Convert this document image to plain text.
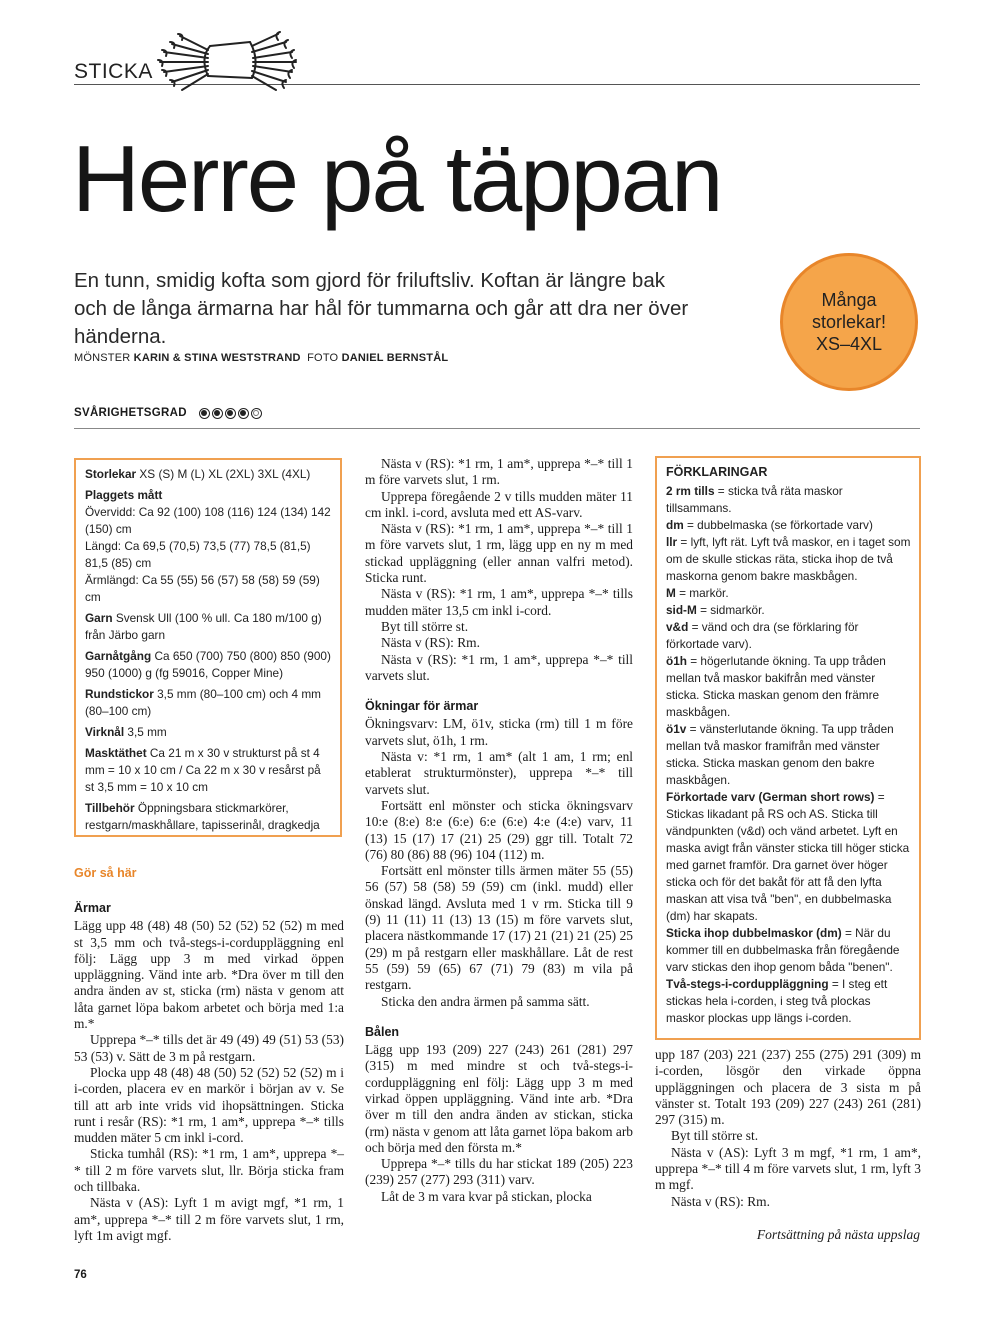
STICKA
Herre på täppan
En tunn, smidig kofta som gjord för friluftsliv. Koftan är längre bak och de långa ärmarna har hål för tummarna och går att dra ner över händerna.
MÖNSTER KARIN & STINA WESTSTRAND FOTO DANIEL BERNSTÅL
Många
storlekar!
XS–4XL
SVÅRIGHETSGRAD
Storlekar XS (S) M (L) XL (2XL) 3XL (4XL)
Plaggets mått
Övervidd: Ca 92 (100) 108 (116) 124 (134) 142 (150) cm
Längd: Ca 69,5 (70,5) 73,5 (77) 78,5 (81,5) 81,5 (85) cm
Ärmlängd: Ca 55 (55) 56 (57) 58 (58) 59 (59) cm
Garn Svensk Ull (100 % ull. Ca 180 m/100 g) från Järbo garn
Garnåtgång Ca 650 (700) 750 (800) 850 (900) 950 (1000) g (fg 59016, Copper Mine)
Rundstickor 3,5 mm (80–100 cm) och 4 mm (80–100 cm)
Virknål 3,5 mm
Masktäthet Ca 21 m x 30 v strukturst på st 4 mm = 10 x 10 cm / Ca 22 m x 30 v resårst på st 3,5 mm = 10 x 10 cm
Tillbehör Öppningsbara stickmarkörer, restgarn/maskhållare, tapisserinål, dragkedja
Gör så här
Ärmar

Lägg upp 48 (48) 48 (50) 52 (52) 52 (52) m med st 3,5 mm och två-stegs-i-corduppläggning enl följ: Lägg upp 3 m med virkad öppen uppläggning. Vänd inte arb. *Dra över m till den andra änden av st, sticka (rm) nästa v genom att låta garnet löpa bakom arbetet och börja med 1:a m.*

Upprepa *–* tills det är 49 (49) 49 (51) 53 (53) 53 (53) v. Sätt de 3 m på restgarn.

Plocka upp 48 (48) 48 (50) 52 (52) 52 (52) m i i-corden, placera ev en markör i början av v. Se till att arb inte vrids vid ihopsättningen. Sticka runt i resår (RS): *1 rm, 1 am*, upprepa *–* tills mudden mäter 5 cm inkl i-cord.

Sticka tumhål (RS): *1 rm, 1 am*, upprepa *–* till 2 m före varvets slut, llr. Börja sticka fram och tillbaka.

Nästa v (AS): Lyft 1 m avigt mgf, *1 rm, 1 am*, upprepa *–* till 2 m före varvets slut, 1 rm, lyft 1m avigt mgf.

Nästa v (RS): *1 rm, 1 am*, upprepa *–* till 1 m före varvets slut, 1 rm.

Upprepa föregående 2 v tills mudden mäter 11 cm inkl. i-cord, avsluta med ett AS-varv.

Nästa v (RS): *1 rm, 1 am*, upprepa *–* till 1 m före varvets slut, 1 rm, lägg upp en ny m med stickad uppläggning (eller annan valfri metod). Sticka runt.

Nästa v (RS): *1 rm, 1 am*, upprepa *–* tills mudden mäter 13,5 cm inkl i-cord.

Byt till större st.

Nästa v (RS): Rm.

Nästa v (RS): *1 rm, 1 am*, upprepa *–* till varvets slut.

Ökningar för ärmar

Ökningsvarv: LM, ö1v, sticka (rm) till 1 m före varvets slut, ö1h, 1 rm.

Nästa v: *1 rm, 1 am* (alt 1 am, 1 rm; enl etablerat strukturmönster), upprepa *–* till varvets slut.

Fortsätt enl mönster och sticka ökningsvarv 10:e (8:e) 8:e (6:e) 6:e (6:e) 4:e (4:e) varv, 11 (13) 15 (17) 17 (21) 25 (29) ggr till. Totalt 72 (76) 80 (86) 88 (96) 104 (112) m.

Fortsätt enl mönster tills ärmen mäter 55 (55) 56 (57) 58 (58) 59 (59) cm (inkl. mudd) eller önskad längd. Avsluta med 1 v rm. Sticka till 9 (9) 11 (11) 11 (13) 13 (15) m före varvets slut, placera nästkommande 17 (17) 21 (21) 21 (25) 25 (29) m på restgarn eller maskhållare. Låt de rest 55 (59) 59 (65) 67 (71) 79 (83) m vila på restgarn.

Sticka den andra ärmen på samma sätt.

Bålen

Lägg upp 193 (209) 227 (243) 261 (281) 297 (315) m med mindre st och två-stegs-i-corduppläggning enl följ: Lägg upp 3 m med virkad öppen uppläggning. Vänd inte arb. *Dra över m till den andra änden av stickan, sticka (rm) nästa v genom att låta garnet löpa bakom arb och börja med den första m.*

Upprepa *–* tills du har stickat 189 (205) 223 (239) 257 (277) 293 (311) varv.

Låt de 3 m vara kvar på stickan, plocka

FÖRKLARINGAR
2 rm tills = sticka två räta maskor tillsammans.
dm = dubbelmaska (se förkortade varv)
llr = lyft, lyft rät. Lyft två maskor, en i taget som om de skulle stickas räta, sticka ihop de två maskorna genom bakre maskbågen.
M = markör.
sid-M = sidmarkör.
v&d = vänd och dra (se förklaring för förkortade varv).
ö1h = högerlutande ökning. Ta upp tråden mellan två maskor bakifrån med vänster sticka. Sticka maskan genom den främre maskbågen.
ö1v = vänsterlutande ökning. Ta upp tråden mellan två maskor framifrån med vänster sticka. Sticka maskan genom den bakre maskbågen.
Förkortade varv (German short rows) = Stickas likadant på RS och AS. Sticka till vändpunkten (v&d) och vänd arbetet. Lyft en maska avigt från vänster sticka till höger sticka med garnet framför. Dra garnet över höger sticka och för det bakåt för att få den lyfta maskan att visa två "ben", en dubbelmaska (dm) har skapats.
Sticka ihop dubbelmaskor (dm) = När du kommer till en dubbelmaska från föregående varv stickas den ihop genom båda "benen".
Två-stegs-i-corduppläggning = I steg ett stickas hela i-corden, i steg två plockas maskor plockas upp längs i-corden.

upp 187 (203) 221 (237) 255 (275) 291 (309) m i-corden, lösgör den virkade öppna uppläggningen och placera de 3 sista m på vänster st. Totalt 193 (209) 227 (243) 261 (281) 297 (315) m.

Byt till större st.

Nästa v (AS): Lyft 3 m mgf, *1 rm, 1 am*, upprepa *–* till 4 m före varvets slut, 1 rm, lyft 3 m mgf.

Nästa v (RS): Rm.

Fortsättning på nästa uppslag
76
